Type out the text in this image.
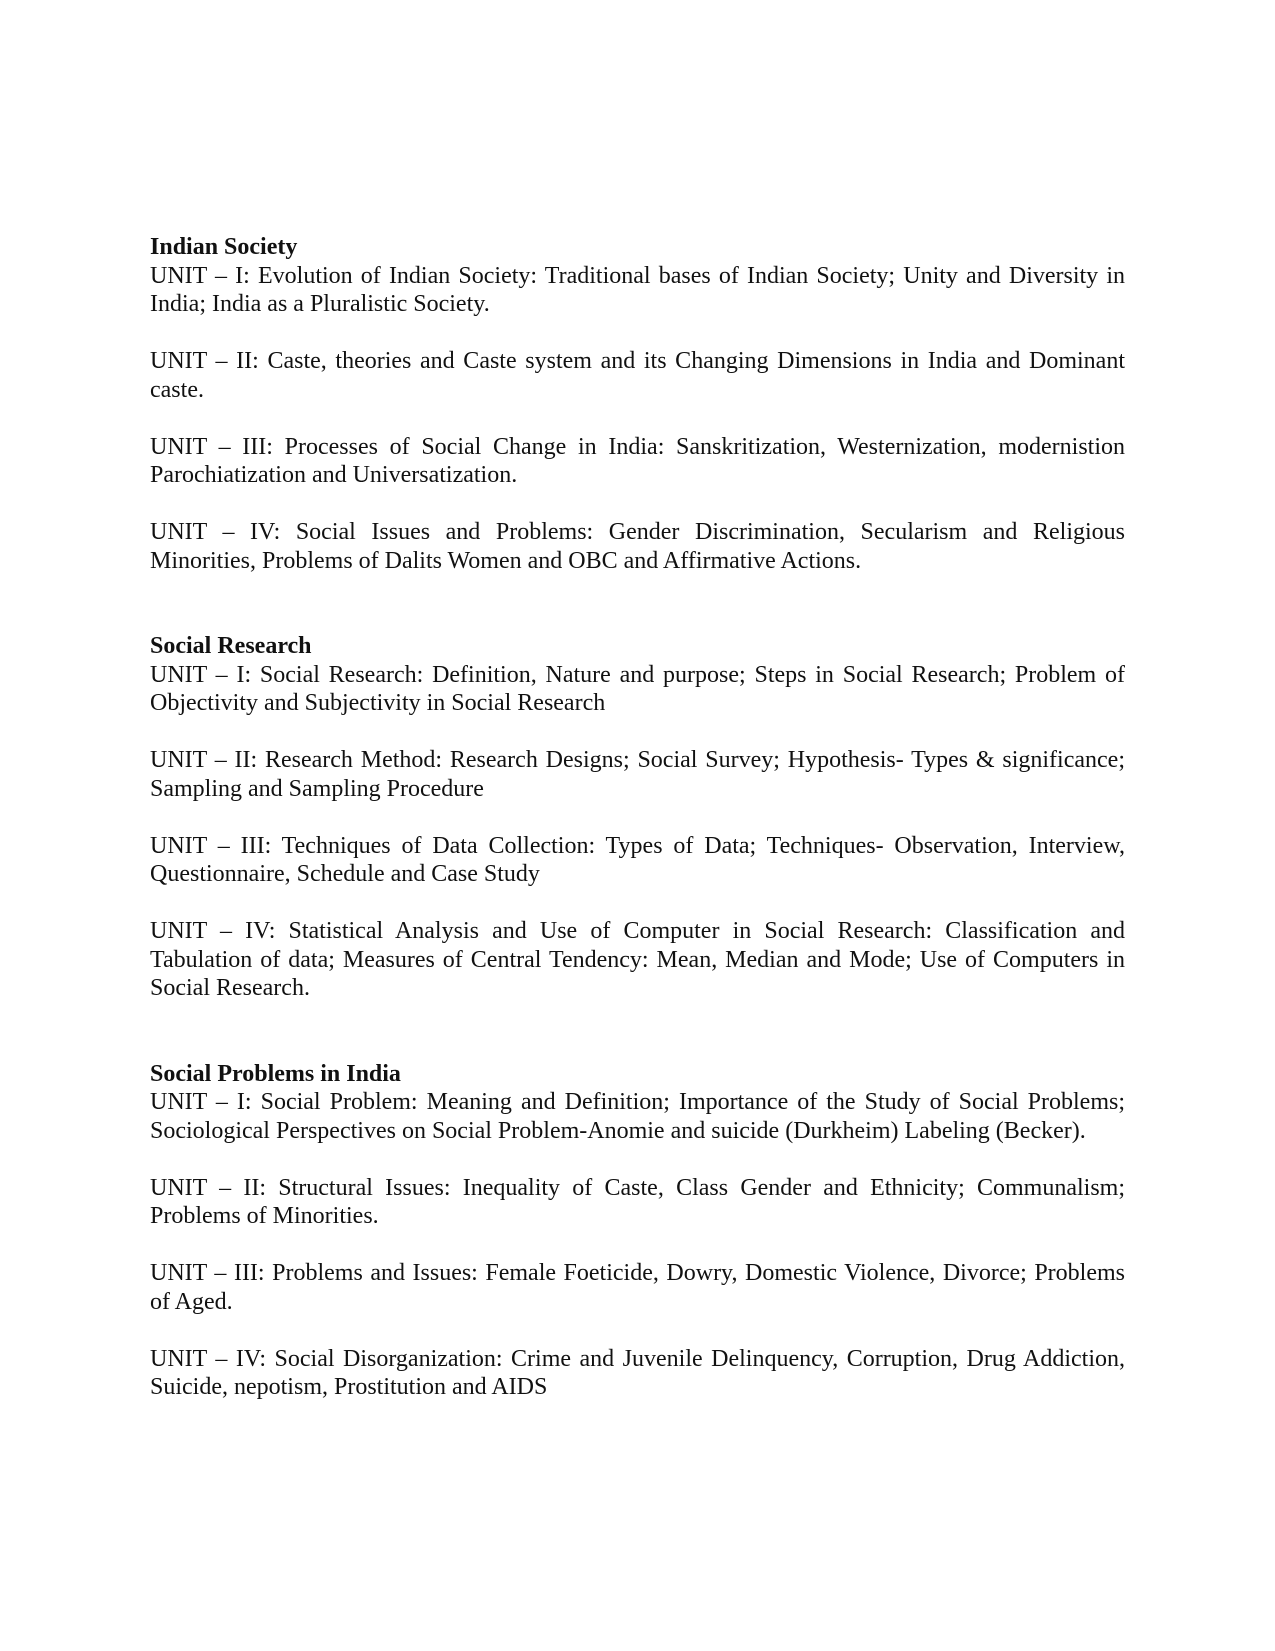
Indian Society

UNIT – I: Evolution of Indian Society: Traditional bases of Indian Society; Unity and Diversity in India; India as a Pluralistic Society.

UNIT – II: Caste, theories and Caste system and its Changing Dimensions in India and Dominant caste.

UNIT – III: Processes of Social Change in India: Sanskritization, Westernization, modernistion Parochiatization and Universatization.

UNIT – IV: Social Issues and Problems: Gender Discrimination, Secularism and Religious Minorities, Problems of Dalits Women and OBC and Affirmative Actions.

Social Research

UNIT – I: Social Research: Definition, Nature and purpose; Steps in Social Research; Problem of Objectivity and Subjectivity in Social Research

UNIT – II: Research Method: Research Designs; Social Survey; Hypothesis- Types & significance; Sampling and Sampling Procedure

UNIT – III: Techniques of Data Collection: Types of Data; Techniques- Observation, Interview, Questionnaire, Schedule and Case Study

UNIT – IV: Statistical Analysis and Use of Computer in Social Research: Classification and Tabulation of data; Measures of Central Tendency: Mean, Median and Mode; Use of Computers in Social Research.

Social Problems in India

UNIT – I: Social Problem: Meaning and Definition; Importance of the Study of Social Problems; Sociological Perspectives on Social Problem-Anomie and suicide (Durkheim) Labeling (Becker).

UNIT – II: Structural Issues: Inequality of Caste, Class Gender and Ethnicity; Communalism; Problems of Minorities.

UNIT – III: Problems and Issues: Female Foeticide, Dowry, Domestic Violence, Divorce; Problems of Aged.

UNIT – IV: Social Disorganization: Crime and Juvenile Delinquency, Corruption, Drug Addiction, Suicide, nepotism, Prostitution and AIDS
